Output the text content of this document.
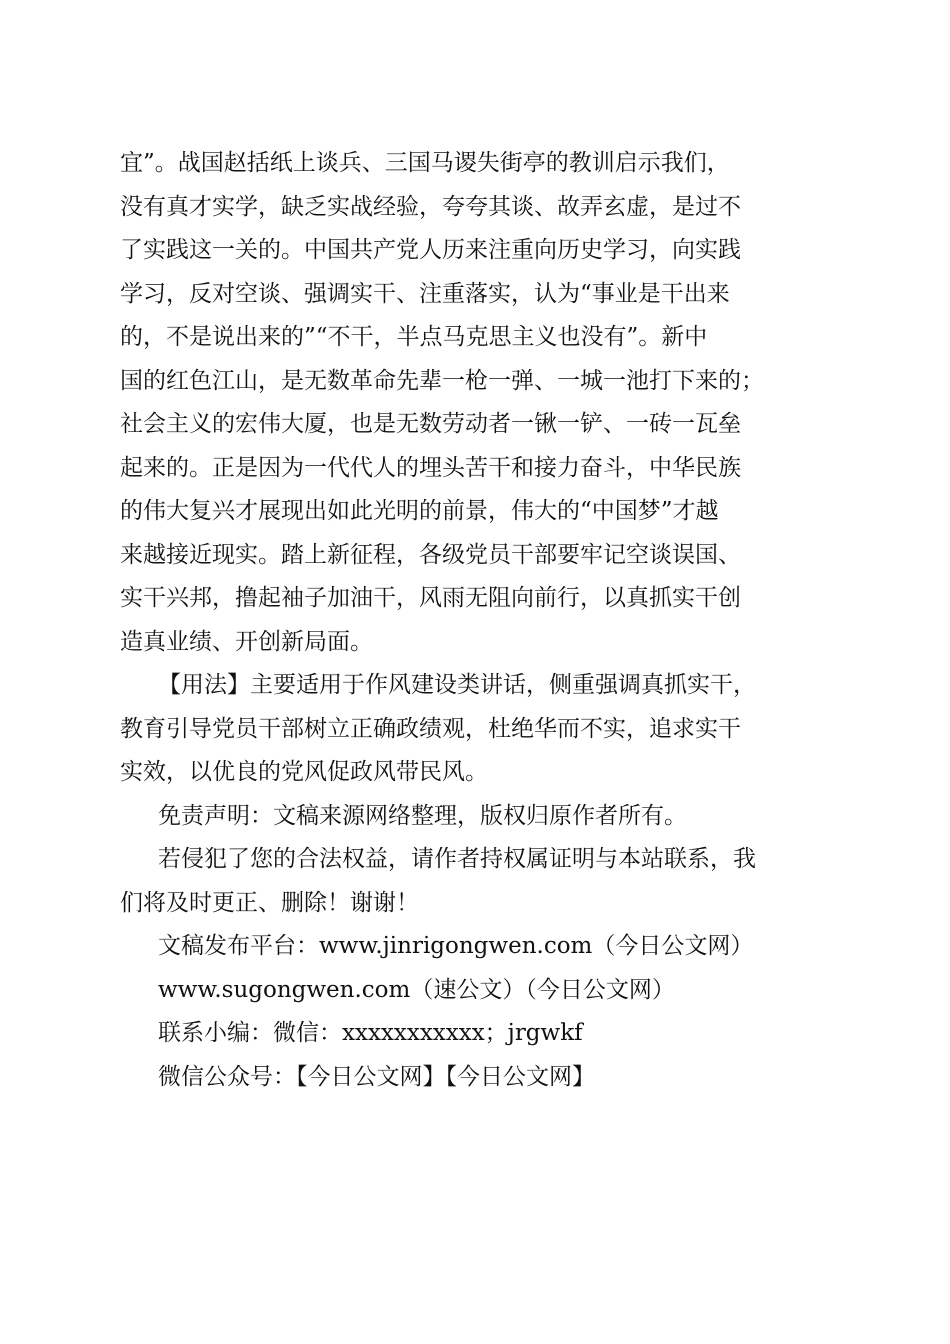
宜”。战国赵括纸上谈兵、三国马谡失街亭的教训启示我们，
没有真才实学，缺乏实战经验，夸夸其谈、故弄玄虚，是过不
了实践这一关的。中国共产党人历来注重向历史学习，向实践
学习，反对空谈、强调实干、注重落实，认为“事业是干出来
的，不是说出来的”“不干，半点马克思主义也没有”。新中
国的红色江山，是无数革命先辈一枪一弹、一城一池打下来的；
社会主义的宏伟大厦，也是无数劳动者一锹一铲、一砖一瓦垒
起来的。正是因为一代代人的埋头苦干和接力奋斗，中华民族
的伟大复兴才展现出如此光明的前景，伟大的“中国梦”才越
来越接近现实。踏上新征程，各级党员干部要牢记空谈误国、
实干兴邦，撸起袖子加油干，风雨无阻向前行，以真抓实干创
造真业绩、开创新局面。
【用法】主要适用于作风建设类讲话，侧重强调真抓实干，
教育引导党员干部树立正确政绩观，杜绝华而不实，追求实干
实效，以优良的党风促政风带民风。
免责声明：文稿来源网络整理，版权归原作者所有。
若侵犯了您的合法权益，请作者持权属证明与本站联系，我
们将及时更正、删除！谢谢！
文稿发布平台：www.jinrigongwen.com（今日公文网）
www.sugongwen.com（速公文）（今日公文网）
联系小编：微信：xxxxxxxxxxx；jrgwkf
微信公众号：【今日公文网】【今日公文网】
